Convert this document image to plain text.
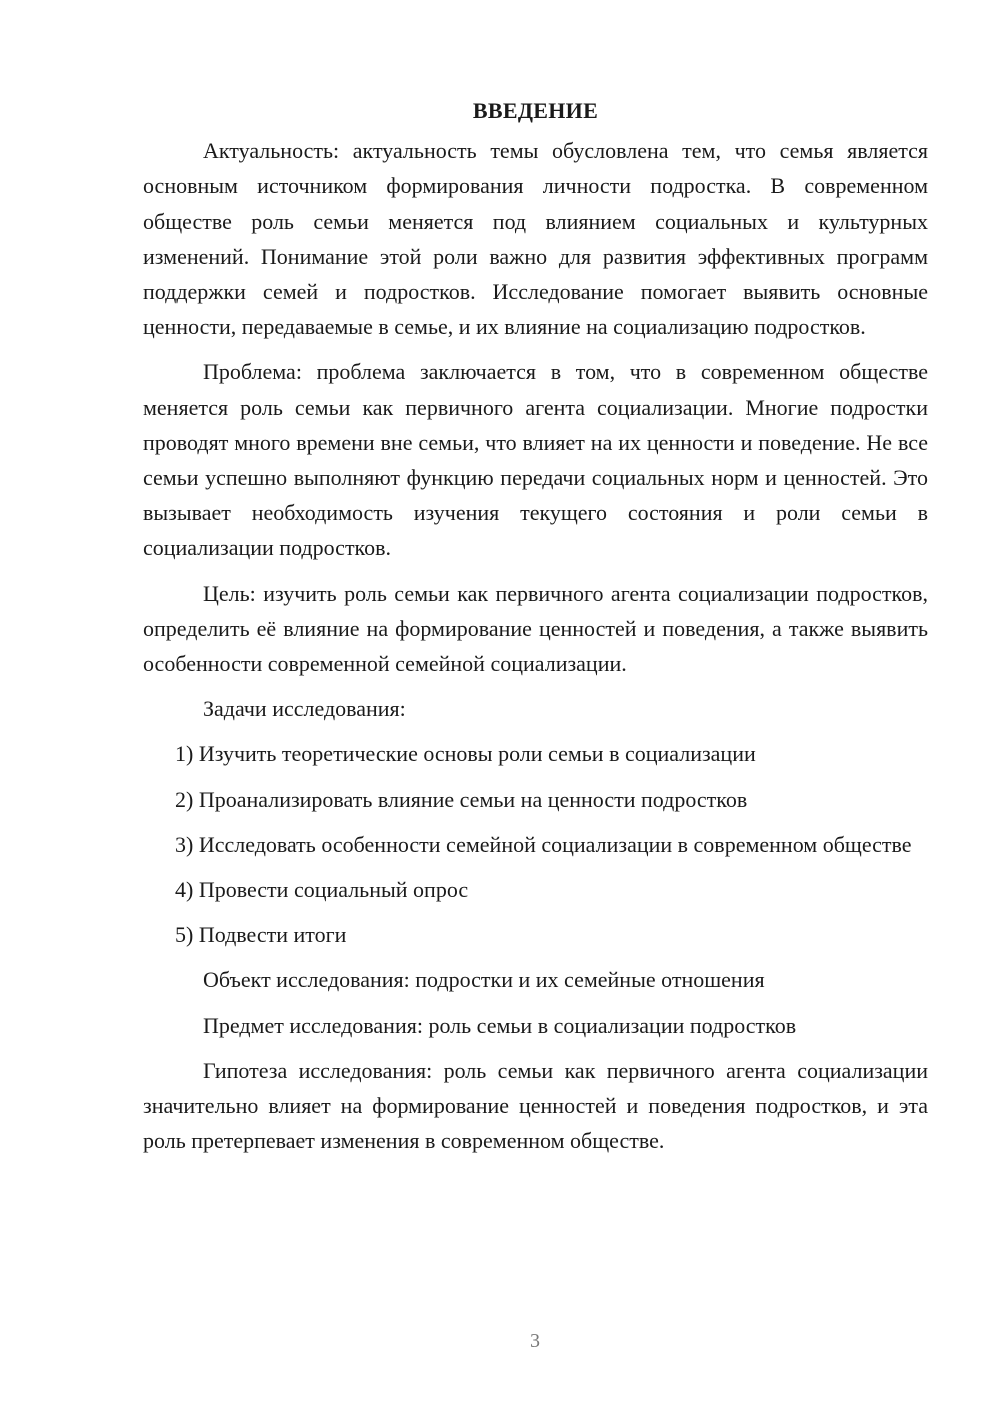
ВВЕДЕНИЕ

Актуальность: актуальность темы обусловлена тем, что семья является основным источником формирования личности подростка. В современном обществе роль семьи меняется под влиянием социальных и культурных изменений. Понимание этой роли важно для развития эффективных программ поддержки семей и подростков. Исследование помогает выявить основные ценности, передаваемые в семье, и их влияние на социализацию подростков.

Проблема: проблема заключается в том, что в современном обществе меняется роль семьи как первичного агента социализации. Многие подростки проводят много времени вне семьи, что влияет на их ценности и поведение. Не все семьи успешно выполняют функцию передачи социальных норм и ценностей. Это вызывает необходимость изучения текущего состояния и роли семьи в социализации подростков.

Цель: изучить роль семьи как первичного агента социализации подростков, определить её влияние на формирование ценностей и поведения, а также выявить особенности современной семейной социализации.

Задачи исследования:

1) Изучить теоретические основы роли семьи в социализации

2) Проанализировать влияние семьи на ценности подростков

3) Исследовать особенности семейной социализации в современном обществе

4) Провести социальный опрос

5) Подвести итоги

Объект исследования: подростки и их семейные отношения

Предмет исследования: роль семьи в социализации подростков

Гипотеза исследования: роль семьи как первичного агента социализации значительно влияет на формирование ценностей и поведения подростков, и эта роль претерпевает изменения в современном обществе.

3
